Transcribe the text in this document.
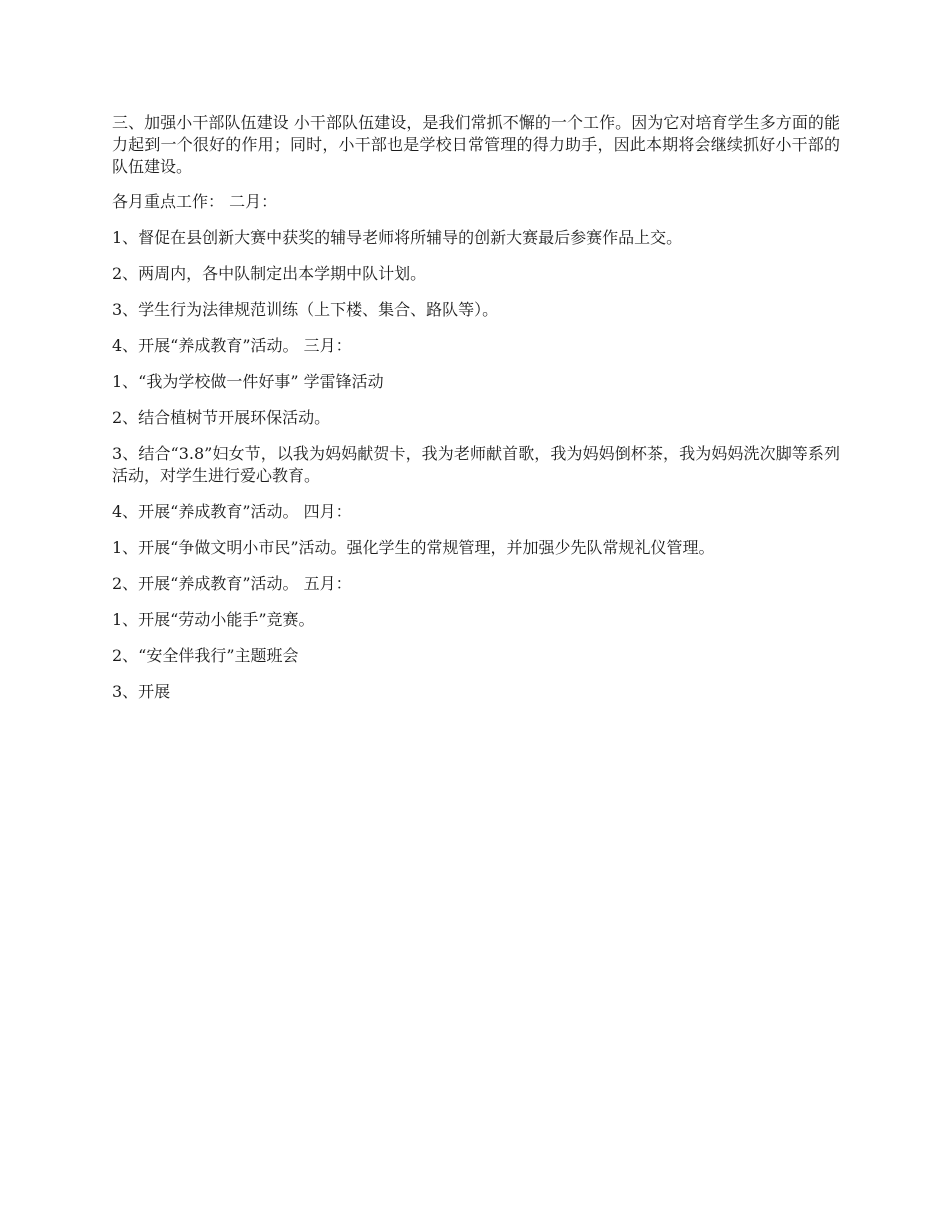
三、加强小干部队伍建设 小干部队伍建设，是我们常抓不懈的一个工作。因为它对培育学生多方面的能力起到一个很好的作用；同时，小干部也是学校日常管理的得力助手，因此本期将会继续抓好小干部的队伍建设。

各月重点工作： 二月：

1、督促在县创新大赛中获奖的辅导老师将所辅导的创新大赛最后参赛作品上交。

2、两周内，各中队制定出本学期中队计划。

3、学生行为法律规范训练（上下楼、集合、路队等）。

4、开展“养成教育”活动。 三月：

1、“我为学校做一件好事” 学雷锋活动

2、结合植树节开展环保活动。

3、结合“3.8”妇女节，以我为妈妈献贺卡，我为老师献首歌，我为妈妈倒杯茶，我为妈妈洗次脚等系列活动，对学生进行爱心教育。

4、开展“养成教育”活动。 四月：

1、开展“争做文明小市民”活动。强化学生的常规管理，并加强少先队常规礼仪管理。

2、开展“养成教育”活动。 五月：

1、开展“劳动小能手”竞赛。

2、“安全伴我行”主题班会

3、开展
